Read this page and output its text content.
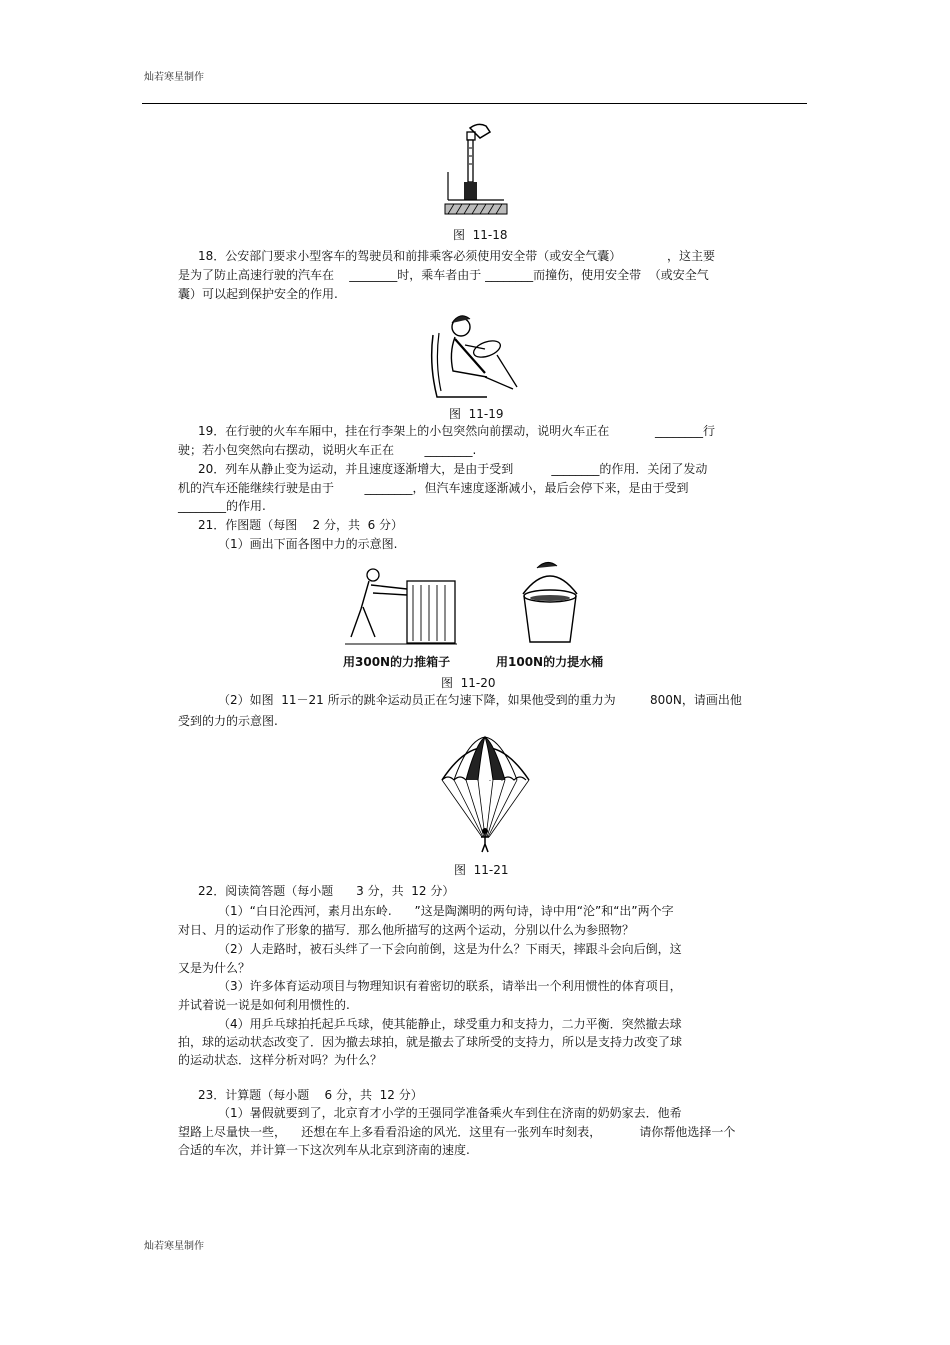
灿若寒星制作
图  11-18
18．公安部门要求小型客车的驾驶员和前排乘客必须使用安全带（或安全气囊）            ，这主要
是为了防止高速行驶的汽车在    ________时，乘车者由于 ________而撞伤，使用安全带  （或安全气
囊）可以起到保护安全的作用.
图  11-19
19．在行驶的火车车厢中，挂在行李架上的小包突然向前摆动，说明火车正在            ________行
驶；若小包突然向右摆动，说明火车正在        ________.
20．列车从静止变为运动，并且速度逐渐增大，是由于受到          ________的作用．关闭了发动
机的汽车还能继续行驶是由于        ________，但汽车速度逐渐减小，最后会停下来，是由于受到
________的作用.
21．作图题（每图    2 分，共  6 分）
（1）画出下面各图中力的示意图.
用300N的力推箱子	用100N的力提水桶
图  11-20
（2）如图  11－21 所示的跳伞运动员正在匀速下降，如果他受到的重力为         800N，请画出他
受到的力的示意图.
图  11-21
22．阅读简答题（每小题      3 分，共  12 分）
（1）“白日沦西河，素月出东岭.      ”这是陶渊明的两句诗，诗中用“沦”和“出”两个字
对日、月的运动作了形象的描写．那么他所描写的这两个运动，分别以什么为参照物？
（2）人走路时，被石头绊了一下会向前倒，这是为什么？下雨天，摔跟斗会向后倒，这
又是为什么？
（3）许多体育运动项目与物理知识有着密切的联系，请举出一个利用惯性的体育项目，
并试着说一说是如何利用惯性的.
（4）用乒乓球拍托起乒乓球，使其能静止，球受重力和支持力，二力平衡．突然撤去球
拍，球的运动状态改变了．因为撤去球拍，就是撤去了球所受的支持力，所以是支持力改变了球
的运动状态．这样分析对吗？为什么？
23．计算题（每小题    6 分，共  12 分）
（1）暑假就要到了，北京育才小学的王强同学准备乘火车到住在济南的奶奶家去．他希
望路上尽量快一些，    还想在车上多看看沿途的风光．这里有一张列车时刻表，          请你帮他选择一个
合适的车次，并计算一下这次列车从北京到济南的速度.
灿若寒星制作
